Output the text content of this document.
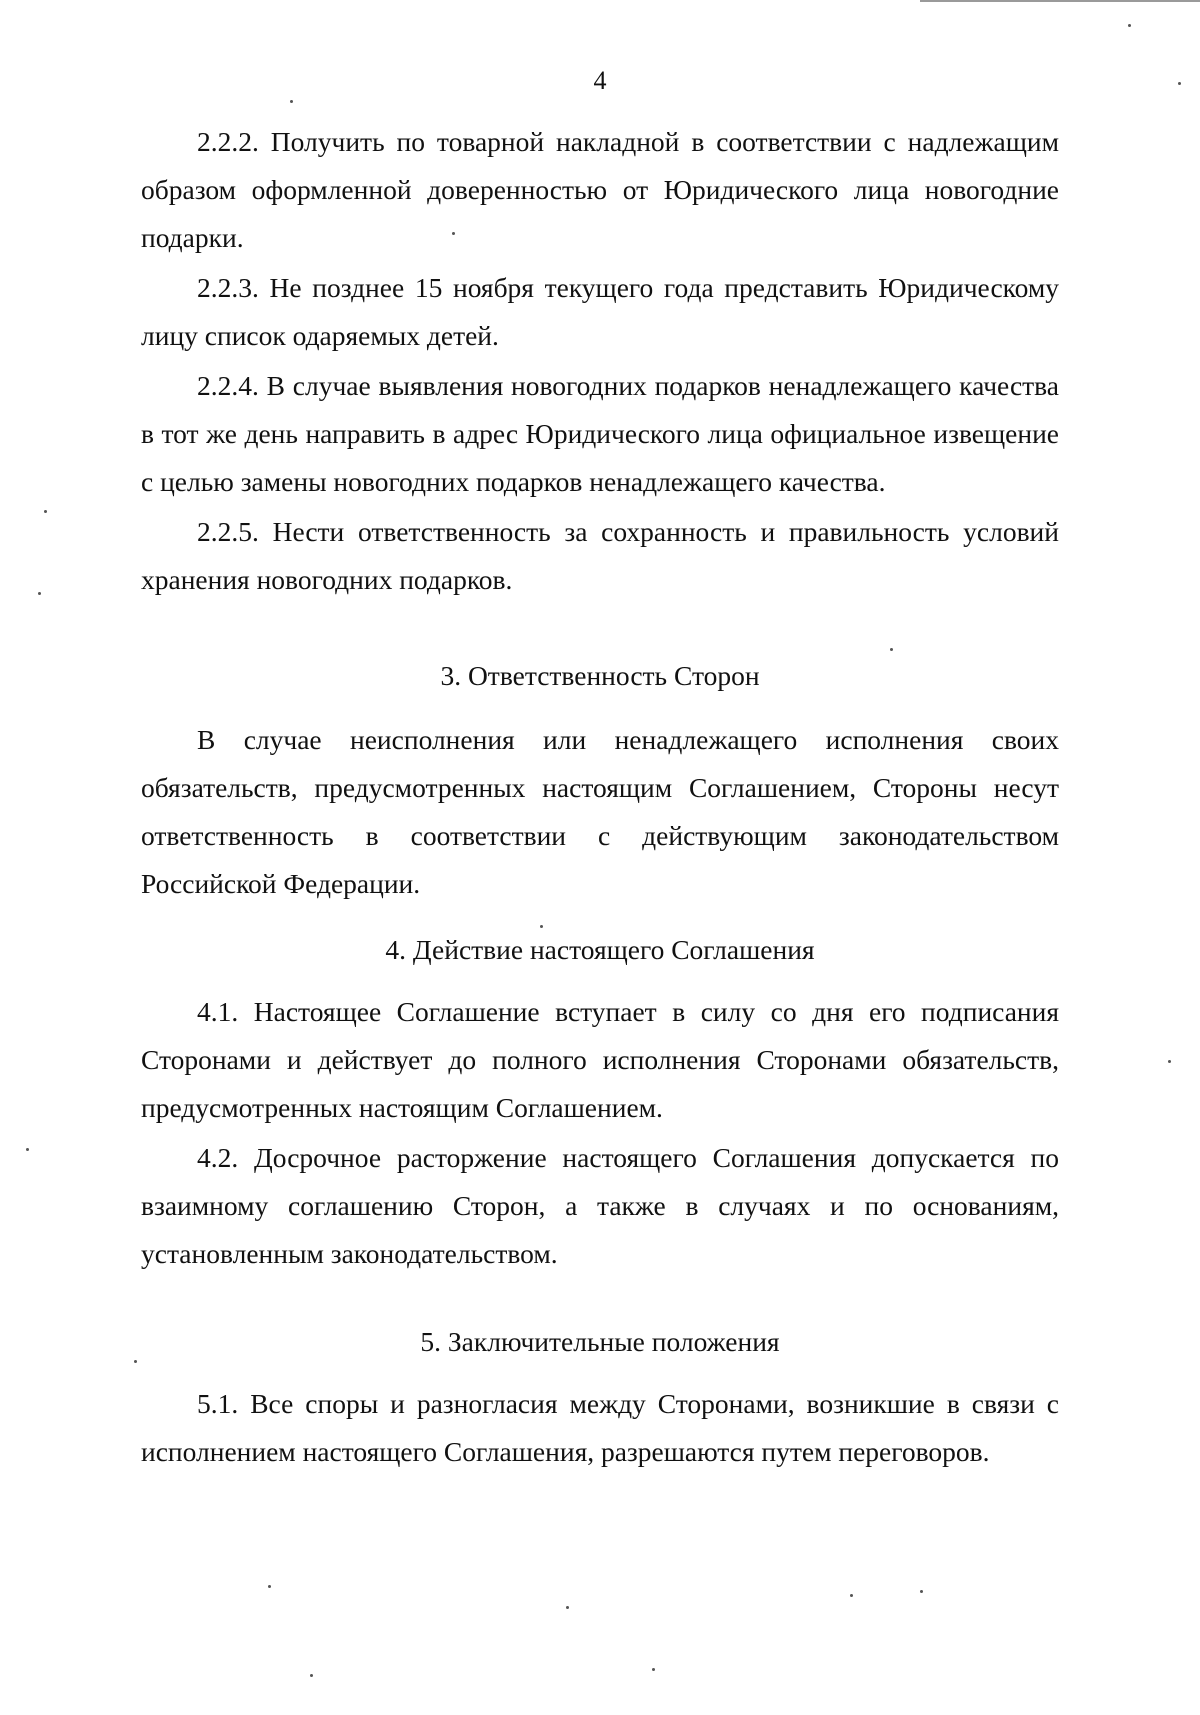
4

2.2.2. Получить по товарной накладной в соответствии с надлежащим образом оформленной доверенностью от Юридического лица новогодние подарки.

2.2.3. Не позднее 15 ноября текущего года представить Юридическому лицу список одаряемых детей.

2.2.4. В случае выявления новогодних подарков ненадлежащего качества в тот же день направить в адрес Юридического лица официальное извещение с целью замены новогодних подарков ненадлежащего качества.

2.2.5. Нести ответственность за сохранность и правильность условий хранения новогодних подарков.

3. Ответственность Сторон

В случае неисполнения или ненадлежащего исполнения своих обязательств, предусмотренных настоящим Соглашением, Стороны несут ответственность в соответствии с действующим законодательством Российской Федерации.

4. Действие настоящего Соглашения

4.1. Настоящее Соглашение вступает в силу со дня его подписания Сторонами и действует до полного исполнения Сторонами обязательств, предусмотренных настоящим Соглашением.

4.2. Досрочное расторжение настоящего Соглашения допускается по взаимному соглашению Сторон, а также в случаях и по основаниям, установленным законодательством.

5. Заключительные положения

5.1. Все споры и разногласия между Сторонами, возникшие в связи с исполнением настоящего Соглашения, разрешаются путем переговоров.
